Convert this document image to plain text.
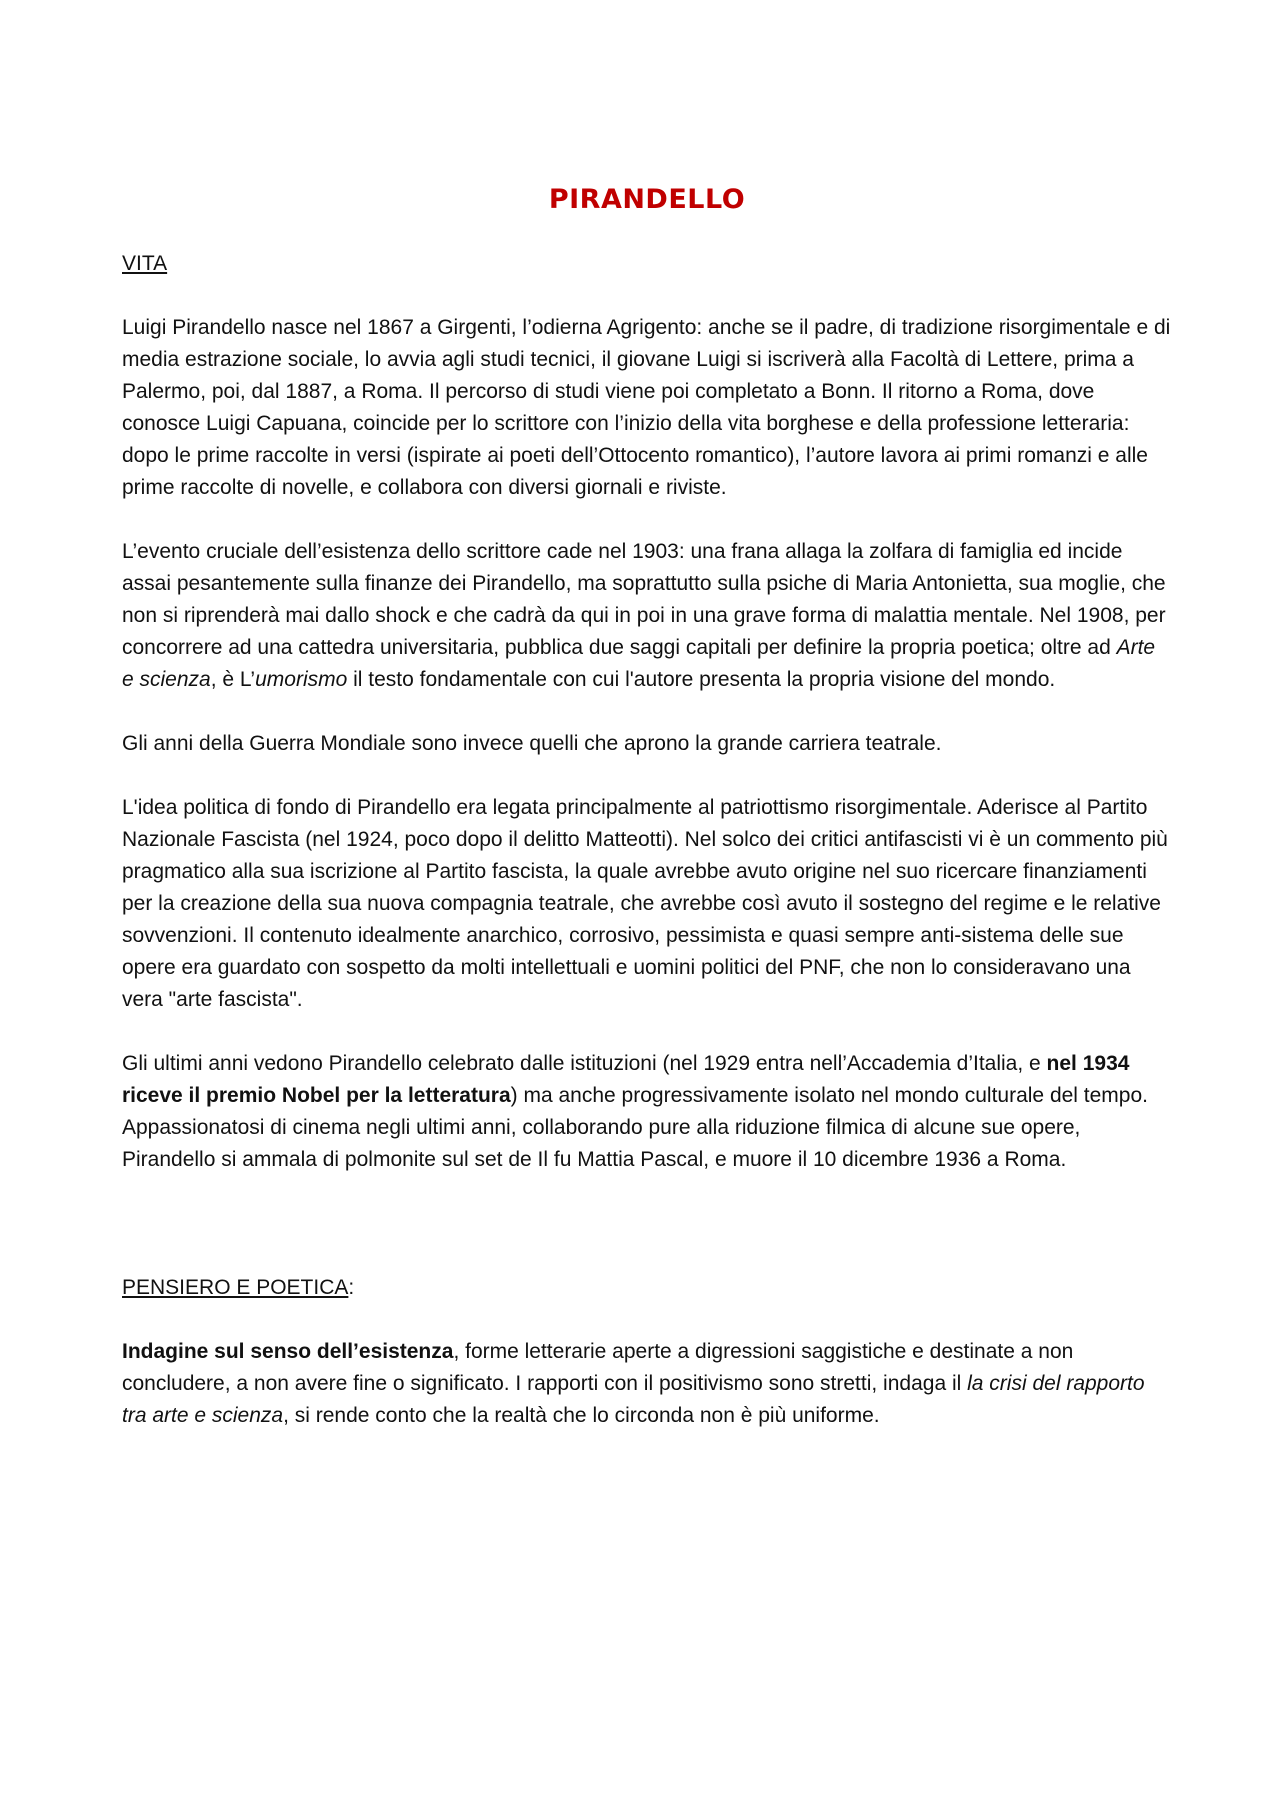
PIRANDELLO
VITA

Luigi Pirandello nasce nel 1867 a Girgenti, l’odierna Agrigento: anche se il padre, di tradizione risorgimentale e di media estrazione sociale, lo avvia agli studi tecnici, il giovane Luigi si iscriverà alla Facoltà di Lettere, prima a Palermo, poi, dal 1887, a Roma. Il percorso di studi viene poi completato a Bonn. Il ritorno a Roma, dove conosce Luigi Capuana, coincide per lo scrittore con l’inizio della vita borghese e della professione letteraria: dopo le prime raccolte in versi (ispirate ai poeti dell’Ottocento romantico), l’autore lavora ai primi romanzi e alle prime raccolte di novelle, e collabora con diversi giornali e riviste.

L’evento cruciale dell’esistenza dello scrittore cade nel 1903: una frana allaga la zolfara di famiglia ed incide assai pesantemente sulla finanze dei Pirandello, ma soprattutto sulla psiche di Maria Antonietta, sua moglie, che non si riprenderà mai dallo shock e che cadrà da qui in poi in una grave forma di malattia mentale. Nel 1908, per concorrere ad una cattedra universitaria, pubblica due saggi capitali per definire la propria poetica; oltre ad Arte e scienza, è L’umorismo il testo fondamentale con cui l'autore presenta la propria visione del mondo.

Gli anni della Guerra Mondiale sono invece quelli che aprono la grande carriera teatrale.

L'idea politica di fondo di Pirandello era legata principalmente al patriottismo risorgimentale. Aderisce al Partito Nazionale Fascista (nel 1924, poco dopo il delitto Matteotti). Nel solco dei critici antifascisti vi è un commento più pragmatico alla sua iscrizione al Partito fascista, la quale avrebbe avuto origine nel suo ricercare finanziamenti per la creazione della sua nuova compagnia teatrale, che avrebbe così avuto il sostegno del regime e le relative sovvenzioni. Il contenuto idealmente anarchico, corrosivo, pessimista e quasi sempre anti-sistema delle sue opere era guardato con sospetto da molti intellettuali e uomini politici del PNF, che non lo consideravano una vera "arte fascista".

Gli ultimi anni vedono Pirandello celebrato dalle istituzioni (nel 1929 entra nell’Accademia d’Italia, e nel 1934 riceve il premio Nobel per la letteratura) ma anche progressivamente isolato nel mondo culturale del tempo. Appassionatosi di cinema negli ultimi anni, collaborando pure alla riduzione filmica di alcune sue opere, Pirandello si ammala di polmonite sul set de Il fu Mattia Pascal, e muore il 10 dicembre 1936 a Roma.

PENSIERO E POETICA:

Indagine sul senso dell’esistenza, forme letterarie aperte a digressioni saggistiche e destinate a non concludere, a non avere fine o significato. I rapporti con il positivismo sono stretti, indaga il la crisi del rapporto tra arte e scienza, si rende conto che la realtà che lo circonda non è più uniforme.
